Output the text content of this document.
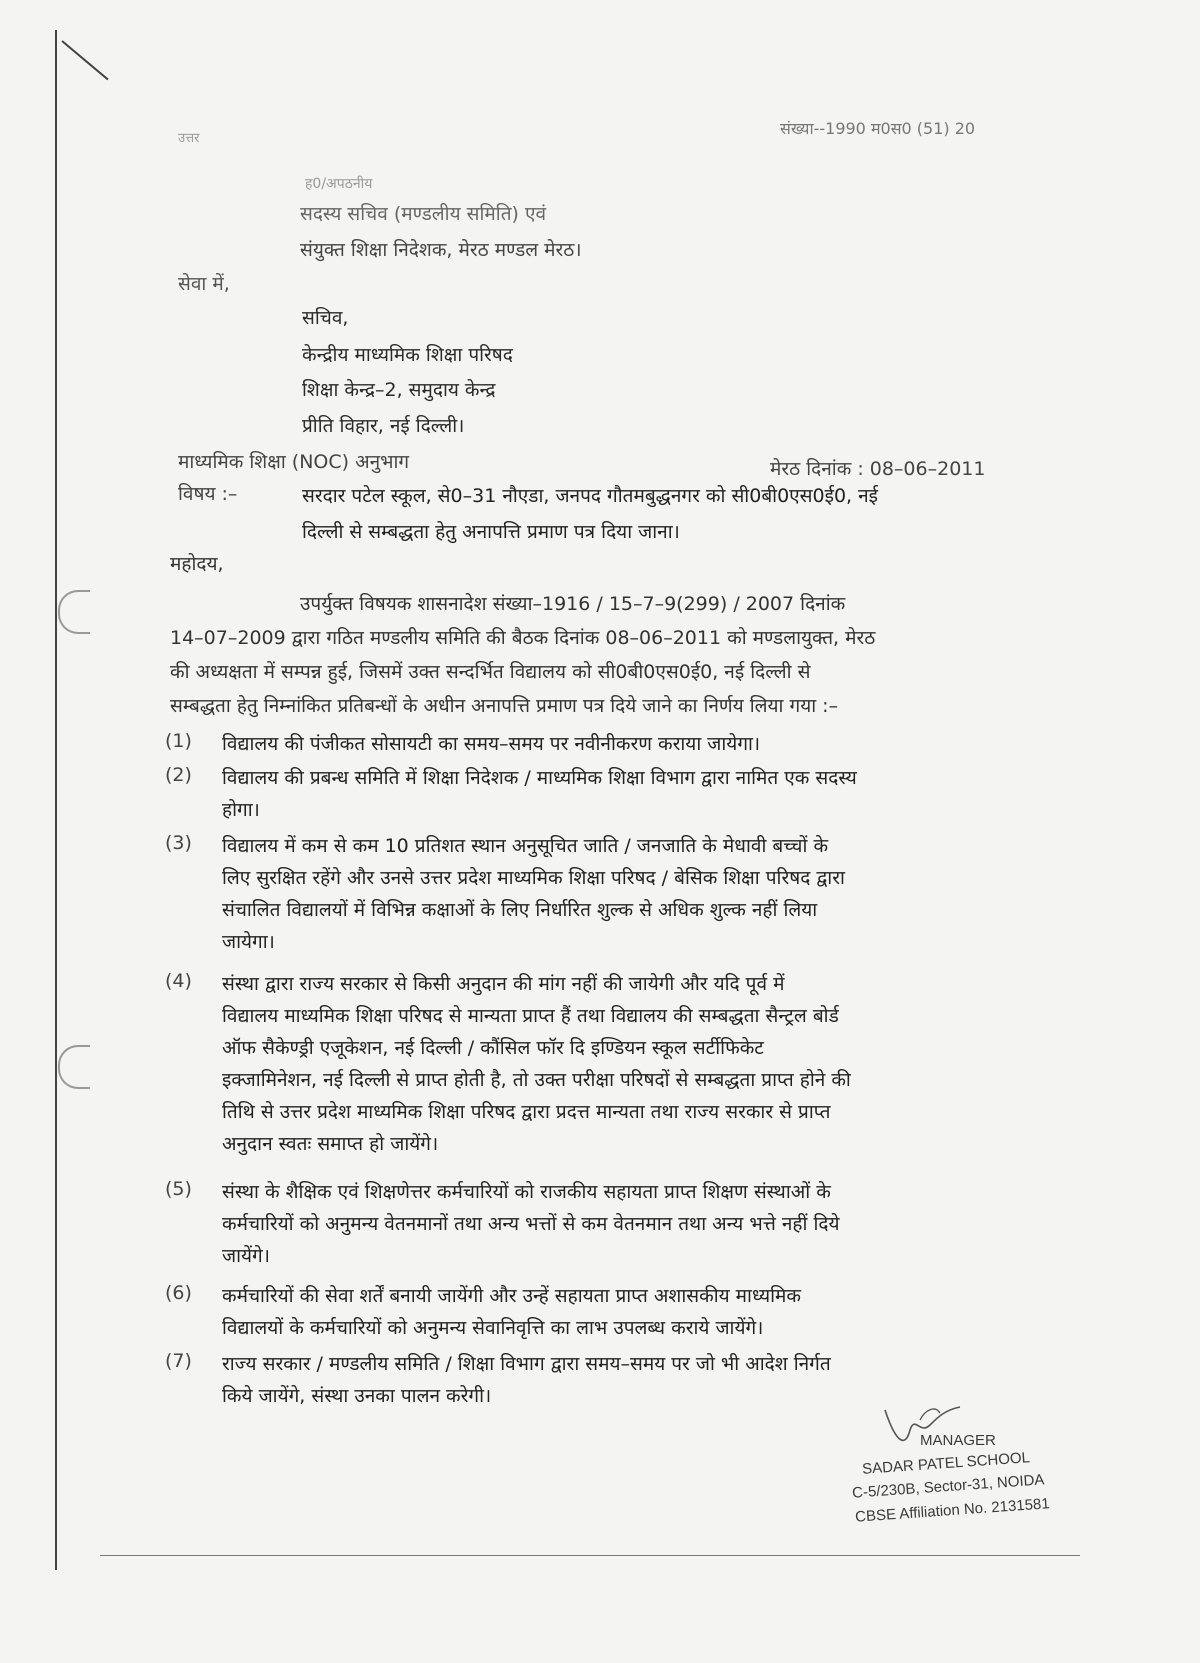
संख्या--1990 म0स0 (51) 20
उत्तर
ह0/अपठनीय
सदस्य सचिव (मण्डलीय समिति) एवं
संयुक्त शिक्षा निदेशक, मेरठ मण्डल मेरठ।
सेवा में,
सचिव,
केन्द्रीय माध्यमिक शिक्षा परिषद
शिक्षा केन्द्र–2, समुदाय केन्द्र
प्रीति विहार, नई दिल्ली।
माध्यमिक शिक्षा (NOC) अनुभाग	मेरठ दिनांक : 08–06–2011
विषय :–	सरदार पटेल स्कूल, से0–31 नौएडा, जनपद गौतमबुद्धनगर को सी0बी0एस0ई0, नई
दिल्ली से सम्बद्धता हेतु अनापत्ति प्रमाण पत्र दिया जाना।
महोदय,
उपर्युक्त विषयक शासनादेश संख्या–1916 / 15–7–9(299) / 2007 दिनांक
14–07–2009 द्वारा गठित मण्डलीय समिति की बैठक दिनांक 08–06–2011 को मण्डलायुक्त, मेरठ
की अध्यक्षता में सम्पन्न हुई, जिसमें उक्त सन्दर्भित विद्यालय को सी0बी0एस0ई0, नई दिल्ली से
सम्बद्धता हेतु निम्नांकित प्रतिबन्धों के अधीन अनापत्ति प्रमाण पत्र दिये जाने का निर्णय लिया गया :–
(1) विद्यालय की पंजीकत सोसायटी का समय–समय पर नवीनीकरण कराया जायेगा।
(2) विद्यालय की प्रबन्ध समिति में शिक्षा निदेशक / माध्यमिक शिक्षा विभाग द्वारा नामित एक सदस्य
होगा।
(3) विद्यालय में कम से कम 10 प्रतिशत स्थान अनुसूचित जाति / जनजाति के मेधावी बच्चों के
लिए सुरक्षित रहेंगे और उनसे उत्तर प्रदेश माध्यमिक शिक्षा परिषद / बेसिक शिक्षा परिषद द्वारा
संचालित विद्यालयों में विभिन्न कक्षाओं के लिए निर्धारित शुल्क से अधिक शुल्क नहीं लिया
जायेगा।
(4) संस्था द्वारा राज्य सरकार से किसी अनुदान की मांग नहीं की जायेगी और यदि पूर्व में
विद्यालय माध्यमिक शिक्षा परिषद से मान्यता प्राप्त हैं तथा विद्यालय की सम्बद्धता सैन्ट्रल बोर्ड
ऑफ सैकेण्ड्री एजूकेशन, नई दिल्ली / कौंसिल फॉर दि इण्डियन स्कूल सर्टीफिकेट
इक्जामिनेशन, नई दिल्ली से प्राप्त होती है, तो उक्त परीक्षा परिषदों से सम्बद्धता प्राप्त होने की
तिथि से उत्तर प्रदेश माध्यमिक शिक्षा परिषद द्वारा प्रदत्त मान्यता तथा राज्य सरकार से प्राप्त
अनुदान स्वतः समाप्त हो जायेंगे।
(5) संस्था के शैक्षिक एवं शिक्षणेत्तर कर्मचारियों को राजकीय सहायता प्राप्त शिक्षण संस्थाओं के
कर्मचारियों को अनुमन्य वेतनमानों तथा अन्य भत्तों से कम वेतनमान तथा अन्य भत्ते नहीं दिये
जायेंगे।
(6) कर्मचारियों की सेवा शर्तें बनायी जायेंगी और उन्हें सहायता प्राप्त अशासकीय माध्यमिक
विद्यालयों के कर्मचारियों को अनुमन्य सेवानिवृत्ति का लाभ उपलब्ध कराये जायेंगे।
(7) राज्य सरकार / मण्डलीय समिति / शिक्षा विभाग द्वारा समय–समय पर जो भी आदेश निर्गत
किये जायेंगे, संस्था उनका पालन करेगी।
MANAGER
SADAR PATEL SCHOOL
C-5/230B, Sector-31, NOIDA
CBSE Affiliation No. 2131581
